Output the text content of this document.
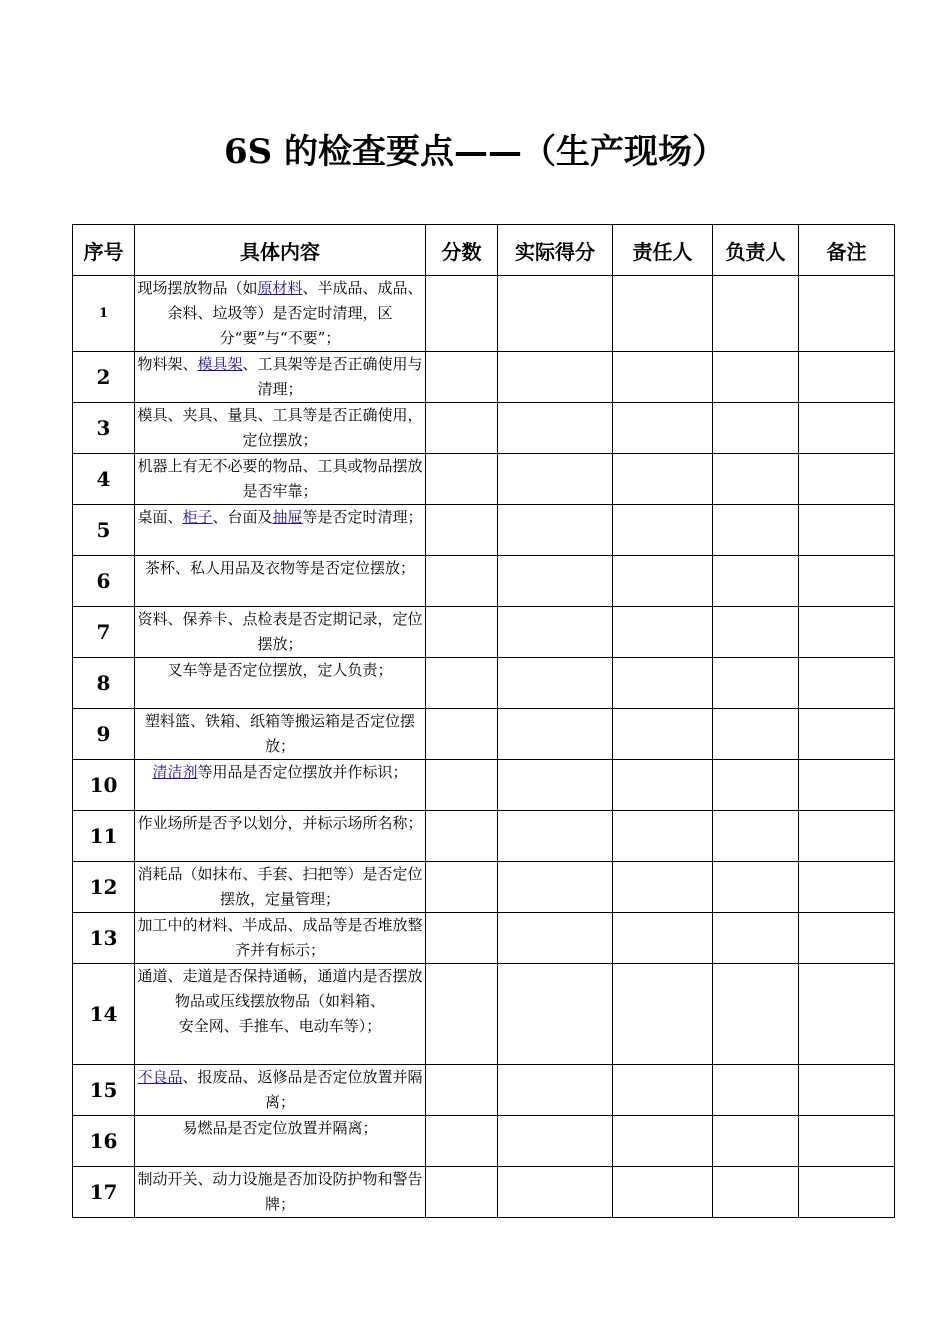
6S 的检查要点——（生产现场）
序号	具体内容	分数	实际得分	责任人	负责人	备注
1	现场摆放物品（如原材料、半成品、成品、余料、垃圾等）是否定时清理，区分“要”与“不要”；					
2	物料架、模具架、工具架等是否正确使用与清理；					
3	模具、夹具、量具、工具等是否正确使用，定位摆放；					
4	机器上有无不必要的物品、工具或物品摆放是否牢靠；					
5	桌面、柜子、台面及抽屉等是否定时清理；					
6	茶杯、私人用品及衣物等是否定位摆放；					
7	资料、保养卡、点检表是否定期记录，定位摆放；					
8	叉车等是否定位摆放，定人负责；					
9	塑料篮、铁箱、纸箱等搬运箱是否定位摆放；					
10	清洁剂等用品是否定位摆放并作标识；					
11	作业场所是否予以划分，并标示场所名称；					
12	消耗品（如抹布、手套、扫把等）是否定位摆放，定量管理；					
13	加工中的材料、半成品、成品等是否堆放整齐并有标示；					
14	通道、走道是否保持通畅，通道内是否摆放物品或压线摆放物品（如料箱、
安全网、手推车、电动车等）；					
15	不良品、报废品、返修品是否定位放置并隔离；					
16	易燃品是否定位放置并隔离；					
17	制动开关、动力设施是否加设防护物和警告牌；					
